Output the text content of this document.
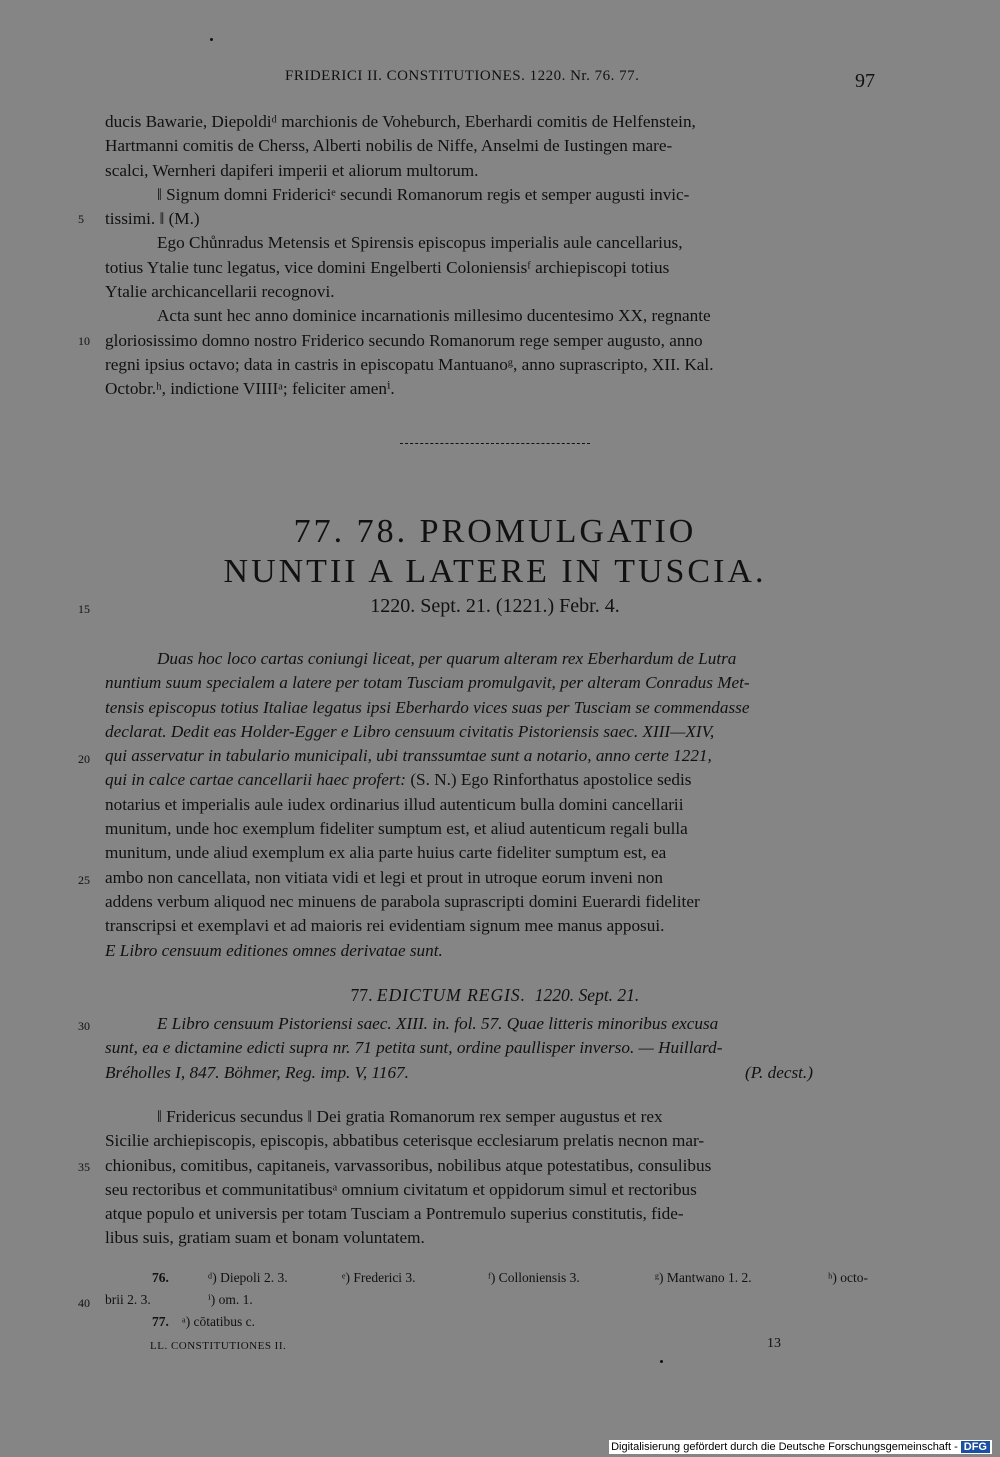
FRIDERICI II. CONSTITUTIONES. 1220. Nr. 76. 77.	97

ducis Bawarie, Diepoldiᵈ marchionis de Voheburch, Eberhardi comitis de Helfenstein,

Hartmanni comitis de Cherss, Alberti nobilis de Niffe, Anselmi de Iustingen mare-

scalci, Wernheri dapiferi imperii et aliorum multorum.

‖ Signum domni Fridericiᵉ secundi Romanorum regis et semper augusti invic-

tissimi. ‖ (M.)

Ego Chůnradus Metensis et Spirensis episcopus imperialis aule cancellarius,

totius Ytalie tunc legatus, vice domini Engelberti Coloniensisᶠ archiepiscopi totius

Ytalie archicancellarii recognovi.

Acta sunt hec anno dominice incarnationis millesimo ducentesimo XX, regnante

gloriosissimo domno nostro Friderico secundo Romanorum rege semper augusto, anno

regni ipsius octavo; data in castris in episcopatu Mantuanoᵍ, anno suprascripto, XII. Kal.

Octobr.ʰ, indictione VIIIIᵃ; feliciter amenⁱ.

5
10
15
20
25
30
35
40
77. 78. PROMULGATIO
NUNTII A LATERE IN TUSCIA.
1220. Sept. 21. (1221.) Febr. 4.

Duas hoc loco cartas coniungi liceat, per quarum alteram rex Eberhardum de Lutra

nuntium suum specialem a latere per totam Tusciam promulgavit, per alteram Conradus Met-

tensis episcopus totius Italiae legatus ipsi Eberhardo vices suas per Tusciam se commendasse

declarat. Dedit eas Holder-Egger e Libro censuum civitatis Pistoriensis saec. XIII—XIV,

qui asservatur in tabulario municipali, ubi transsumtae sunt a notario, anno certe 1221,

qui in calce cartae cancellarii haec profert: (S. N.) Ego Rinforthatus apostolice sedis

notarius et imperialis aule iudex ordinarius illud autenticum bulla domini cancellarii

munitum, unde hoc exemplum fideliter sumptum est, et aliud autenticum regali bulla

munitum, unde aliud exemplum ex alia parte huius carte fideliter sumptum est, ea

ambo non cancellata, non vitiata vidi et legi et prout in utroque eorum inveni non

addens verbum aliquod nec minuens de parabola suprascripti domini Euerardi fideliter

transcripsi et exemplavi et ad maioris rei evidentiam signum mee manus apposui.

E Libro censuum editiones omnes derivatae sunt.

77. EDICTUM REGIS. 1220. Sept. 21.

E Libro censuum Pistoriensi saec. XIII. in. fol. 57. Quae litteris minoribus excusa

sunt, ea e dictamine edicti supra nr. 71 petita sunt, ordine paullisper inverso. — Huillard-

Bréholles I, 847. Böhmer, Reg. imp. V, 1167.	(P. decst.)

‖ Fridericus secundus ‖ Dei gratia Romanorum rex semper augustus et rex

Sicilie archiepiscopis, episcopis, abbatibus ceterisque ecclesiarum prelatis necnon mar-

chionibus, comitibus, capitaneis, varvassoribus, nobilibus atque potestatibus, consulibus

seu rectoribus et communitatibusᵃ omnium civitatum et oppidorum simul et rectoribus

atque populo et universis per totam Tusciam a Pontremulo superius constitutis, fide-

libus suis, gratiam suam et bonam voluntatem.

76.	ᵈ) Diepoli 2. 3.	ᵉ) Frederici 3.	ᶠ) Colloniensis 3.	ᵍ) Mantwano 1. 2.	ʰ) octo-
brii 2. 3.	ⁱ) om. 1.
77. ᵃ) cōtatibus c.
LL. CONSTITUTIONES II.	13
Digitalisierung gefördert durch die Deutsche Forschungsgemeinschaft - DFG
